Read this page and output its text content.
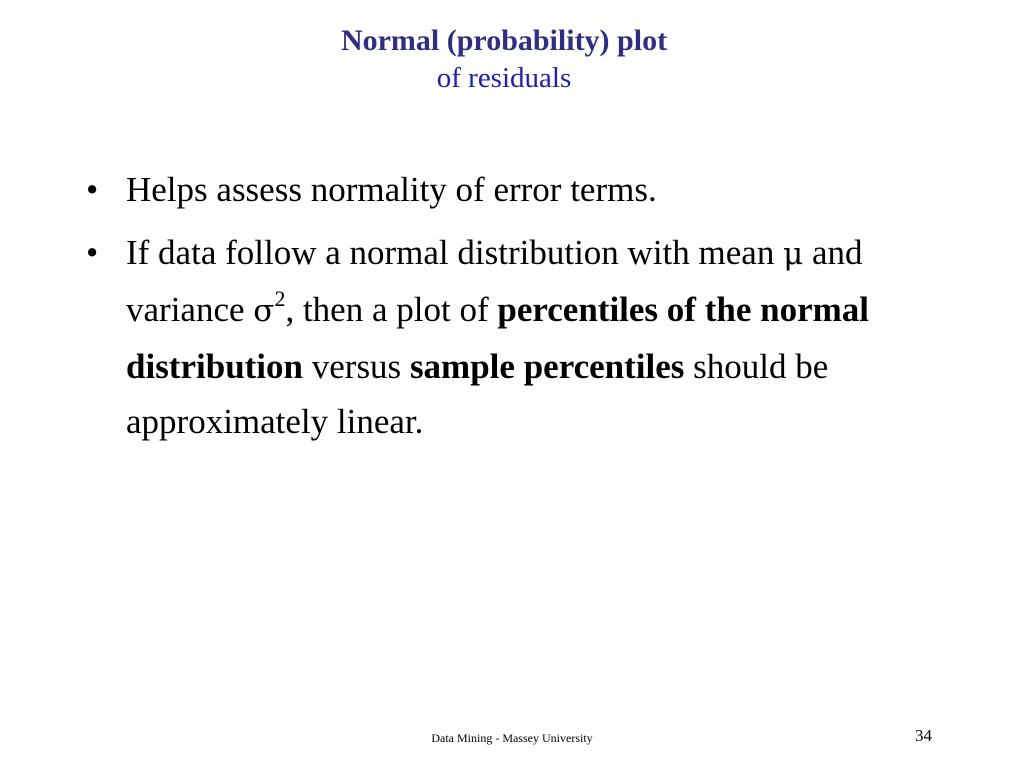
Normal (probability) plot
of residuals
• Helps assess normality of error terms.
• If data follow a normal distribution with mean μ and variance $\sigma^2$, then a plot of percentiles of the normal distribution versus sample percentiles should be approximately linear.
Data Mining - Massey University	34
